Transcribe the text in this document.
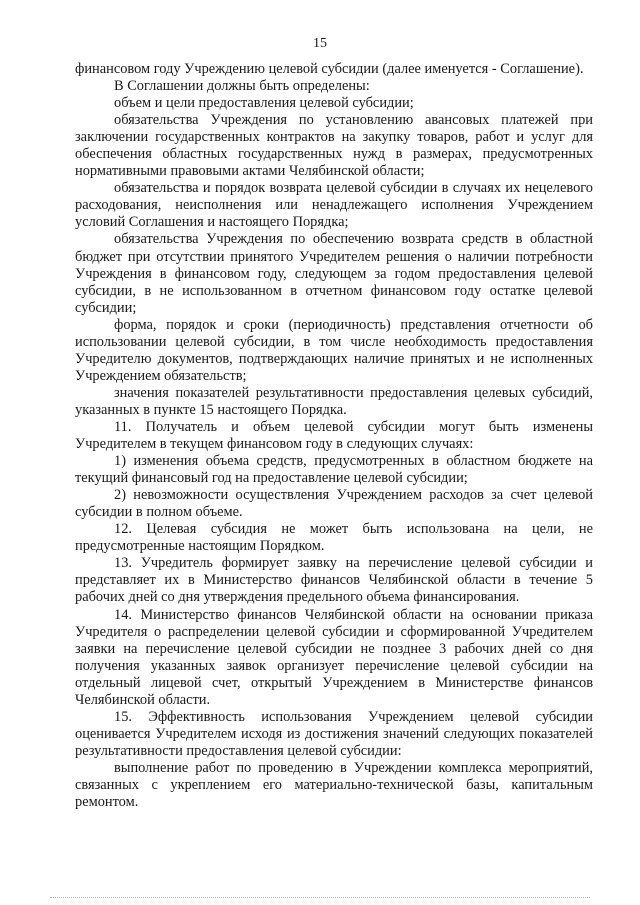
15

финансовом году Учреждению целевой субсидии (далее именуется - Соглашение).

В Соглашении должны быть определены:

объем и цели предоставления целевой субсидии;

обязательства Учреждения по установлению авансовых платежей при заключении государственных контрактов на закупку товаров, работ и услуг для обеспечения областных государственных нужд в размерах, предусмотренных нормативными правовыми актами Челябинской области;

обязательства и порядок возврата целевой субсидии в случаях их нецелевого расходования, неисполнения или ненадлежащего исполнения Учреждением условий Соглашения и настоящего Порядка;

обязательства Учреждения по обеспечению возврата средств в областной бюджет при отсутствии принятого Учредителем решения о наличии потребности Учреждения в финансовом году, следующем за годом предоставления целевой субсидии, в не использованном в отчетном финансовом году остатке целевой субсидии;

форма, порядок и сроки (периодичность) представления отчетности об использовании целевой субсидии, в том числе необходимость предоставления Учредителю документов, подтверждающих наличие принятых и не исполненных Учреждением обязательств;

значения показателей результативности предоставления целевых субсидий, указанных в пункте 15 настоящего Порядка.

11. Получатель и объем целевой субсидии могут быть изменены Учредителем в текущем финансовом году в следующих случаях:

1) изменения объема средств, предусмотренных в областном бюджете на текущий финансовый год на предоставление целевой субсидии;

2) невозможности осуществления Учреждением расходов за счет целевой субсидии в полном объеме.

12. Целевая субсидия не может быть использована на цели, не предусмотренные настоящим Порядком.

13. Учредитель формирует заявку на перечисление целевой субсидии и представляет их в Министерство финансов Челябинской области в течение 5 рабочих дней со дня утверждения предельного объема финансирования.

14. Министерство финансов Челябинской области на основании приказа Учредителя о распределении целевой субсидии и сформированной Учредителем заявки на перечисление целевой субсидии не позднее 3 рабочих дней со дня получения указанных заявок организует перечисление целевой субсидии на отдельный лицевой счет, открытый Учреждением в Министерстве финансов Челябинской области.

15. Эффективность использования Учреждением целевой субсидии оценивается Учредителем исходя из достижения значений следующих показателей результативности предоставления целевой субсидии:

выполнение работ по проведению в Учреждении комплекса мероприятий, связанных с укреплением его материально-технической базы, капитальным ремонтом.
